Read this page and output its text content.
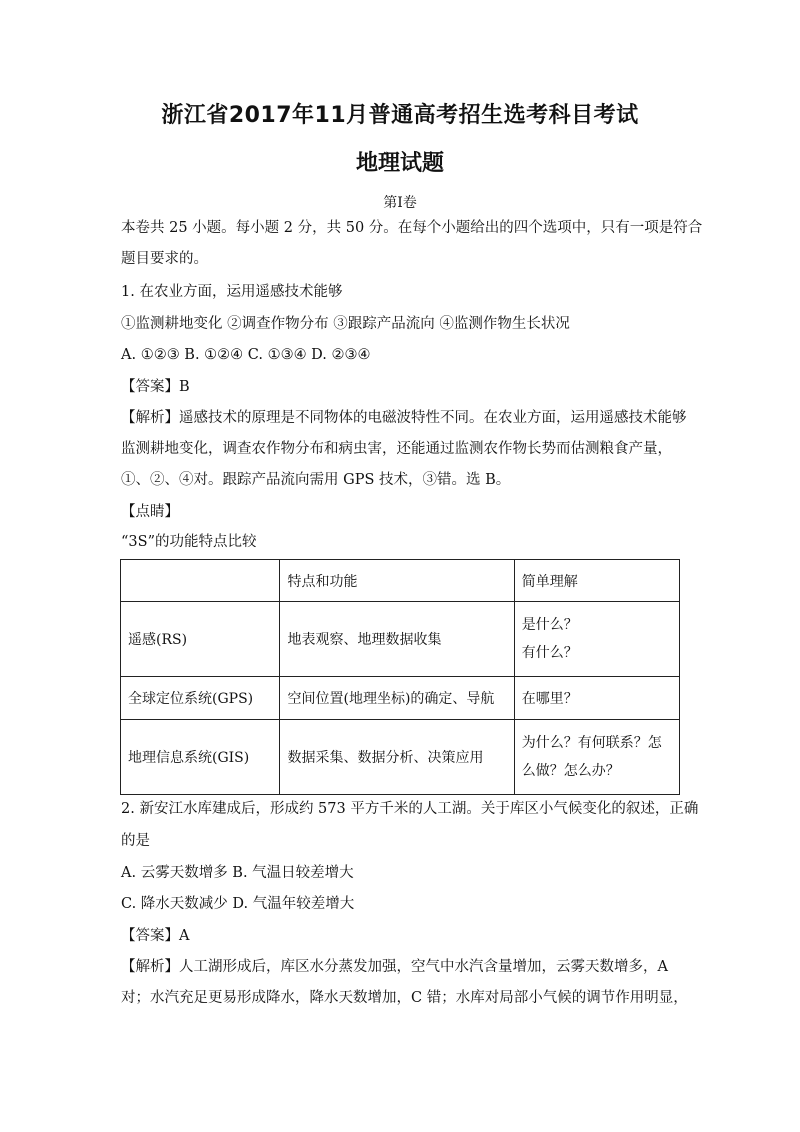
浙江省2017年11月普通高考招生选考科目考试
地理试题
第Ⅰ卷
本卷共 25 小题。每小题 2 分，共 50 分。在每个小题给出的四个选项中，只有一项是符合
题目要求的。
1. 在农业方面，运用遥感技术能够
①监测耕地变化 ②调查作物分布 ③跟踪产品流向 ④监测作物生长状况
A. ①②③ B. ①②④ C. ①③④ D. ②③④
【答案】B
【解析】遥感技术的原理是不同物体的电磁波特性不同。在农业方面，运用遥感技术能够
监测耕地变化，调查农作物分布和病虫害，还能通过监测农作物长势而估测粮食产量，
①、②、④对。跟踪产品流向需用 GPS 技术，③错。选 B。
【点睛】
“3S”的功能特点比较
	特点和功能	简单理解
遥感(RS)	地表观察、地理数据收集	是什么？
有什么？

全球定位系统(GPS)	空间位置(地理坐标)的确定、导航	在哪里？
地理信息系统(GIS)	数据采集、数据分析、决策应用	为什么？有何联系？怎
么做？怎么办？
2. 新安江水库建成后，形成约 573 平方千米的人工湖。关于库区小气候变化的叙述，正确
的是
A. 云雾天数增多 B. 气温日较差增大
C. 降水天数减少 D. 气温年较差增大
【答案】A
【解析】人工湖形成后，库区水分蒸发加强，空气中水汽含量增加，云雾天数增多，A
对；水汽充足更易形成降水，降水天数增加，C 错；水库对局部小气候的调节作用明显，
